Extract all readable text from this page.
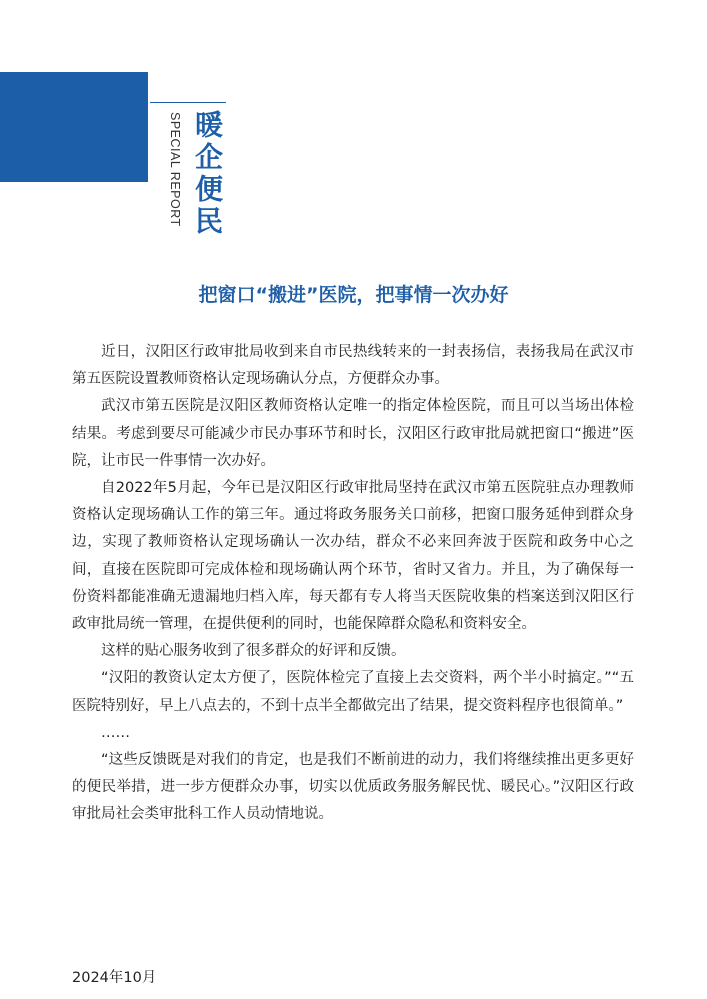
暖企便民
SPECIAL REPORT
把窗口“搬进”医院，把事情一次办好

近日，汉阳区行政审批局收到来自市民热线转来的一封表扬信，表扬我局在武汉市第五医院设置教师资格认定现场确认分点，方便群众办事。

武汉市第五医院是汉阳区教师资格认定唯一的指定体检医院，而且可以当场出体检结果。考虑到要尽可能减少市民办事环节和时长，汉阳区行政审批局就把窗口“搬进”医院，让市民一件事情一次办好。

自2022年5月起，今年已是汉阳区行政审批局坚持在武汉市第五医院驻点办理教师资格认定现场确认工作的第三年。通过将政务服务关口前移，把窗口服务延伸到群众身边，实现了教师资格认定现场确认一次办结，群众不必来回奔波于医院和政务中心之间，直接在医院即可完成体检和现场确认两个环节，省时又省力。并且，为了确保每一份资料都能准确无遗漏地归档入库，每天都有专人将当天医院收集的档案送到汉阳区行政审批局统一管理，在提供便利的同时，也能保障群众隐私和资料安全。

这样的贴心服务收到了很多群众的好评和反馈。

“汉阳的教资认定太方便了，医院体检完了直接上去交资料，两个半小时搞定。”“五医院特别好，早上八点去的，不到十点半全都做完出了结果，提交资料程序也很简单。”

……

“这些反馈既是对我们的肯定，也是我们不断前进的动力，我们将继续推出更多更好的便民举措，进一步方便群众办事，切实以优质政务服务解民忧、暖民心。”汉阳区行政审批局社会类审批科工作人员动情地说。

2024年10月
